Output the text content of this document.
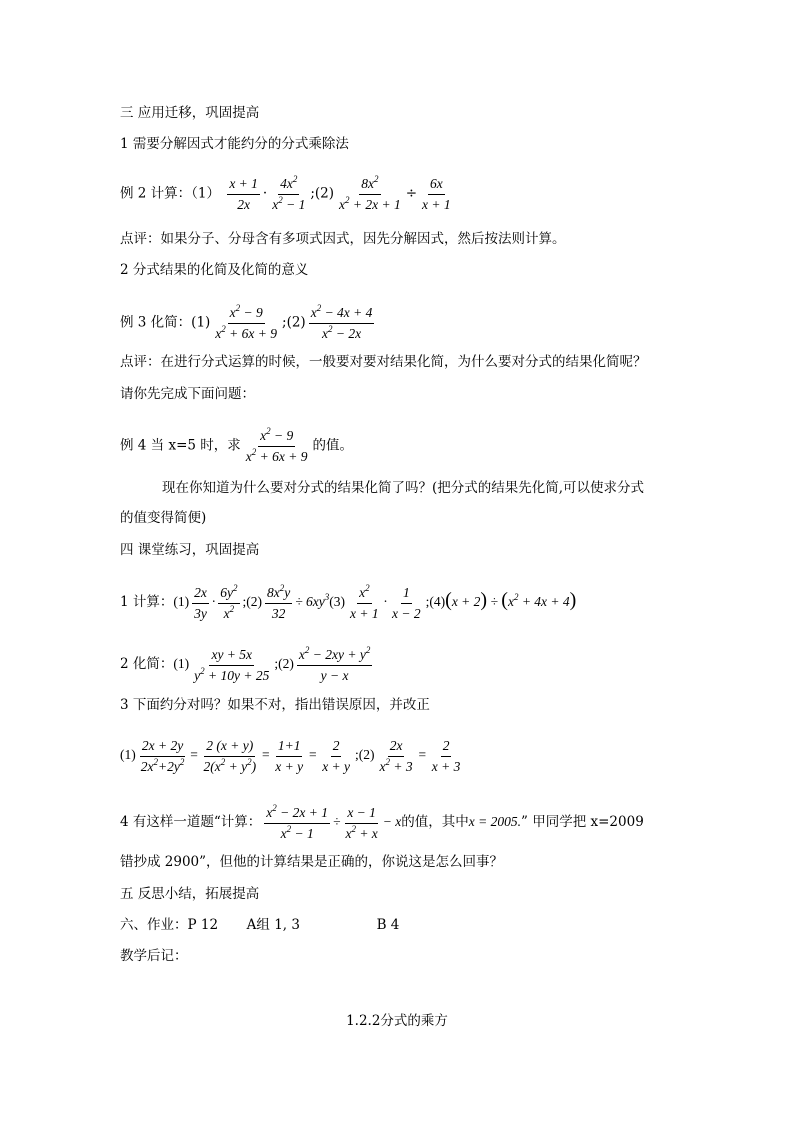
三 应用迁移，巩固提高
1 需要分解因式才能约分的分式乘除法
例 2 计算：$(1) \frac{x + 1}{2x} \cdot \frac{4x^2}{x^2 - 1}$ ;(2) $\frac{8x^2}{x^2 + 2x + 1} \div \frac{6x}{x + 1}$
点评：如果分子、分母含有多项式因式，因先分解因式，然后按法则计算。
2 分式结果的化简及化简的意义
例 3 化简：$(1) \frac{x^2 - 9}{x^2 + 6x + 9}$ ;(2) $\frac{x^2 - 4x + 4}{x^2 - 2x}$
点评：在进行分式运算的时候，一般要对要对结果化简，为什么要对分式的结果化简呢？
请你先完成下面问题：
例 4 当 x=5 时，求 $\frac{x^2 - 9}{x^2 + 6x + 9}$ 的值。
现在你知道为什么要对分式的结果化简了吗？(把分式的结果先化简,可以使求分式
的值变得简便)
四 课堂练习，巩固提高
1 计算：$(1) \frac{2x}{3y} \cdot \frac{6y^2}{x^2}$ ;(2) $\frac{8x^2y}{32} \div 6xy^3(3) \frac{x^2}{x + 1} \cdot \frac{1}{x - 2}$ ;(4)(x + $2) \div (x^2 + 4x + 4)$
2 化简：$(1) \frac{xy + 5x}{y^2 + 10y + 25}$ ;(2) $\frac{x^2 - 2xy + y^2}{y - x}$
3 下面约分对吗？如果不对，指出错误原因，并改正
$(1) \frac{2x + 2y}{2x^2+2y^2} = \frac{2 (x + y)}{2(x^2 + y^2)} = \frac{1+1}{x + y} = \frac{2}{x + y}$ ;(2) $\frac{2x}{x^2 + 3} = \frac{2}{x + 3}$
4 有这样一道题“计算： $\frac{x^2 - 2x + 1}{x^2 - 1} \div \frac{x - 1}{x^2 + x} - x$的值，其中x = 2005.” 甲同学把 x=2009
错抄成 2900”，但他的计算结果是正确的，你说这是怎么回事？
五 反思小结，拓展提高
六、作业：P 12 A组 1, 3	B 4
教学后记：
1.2.2分式的乘方
